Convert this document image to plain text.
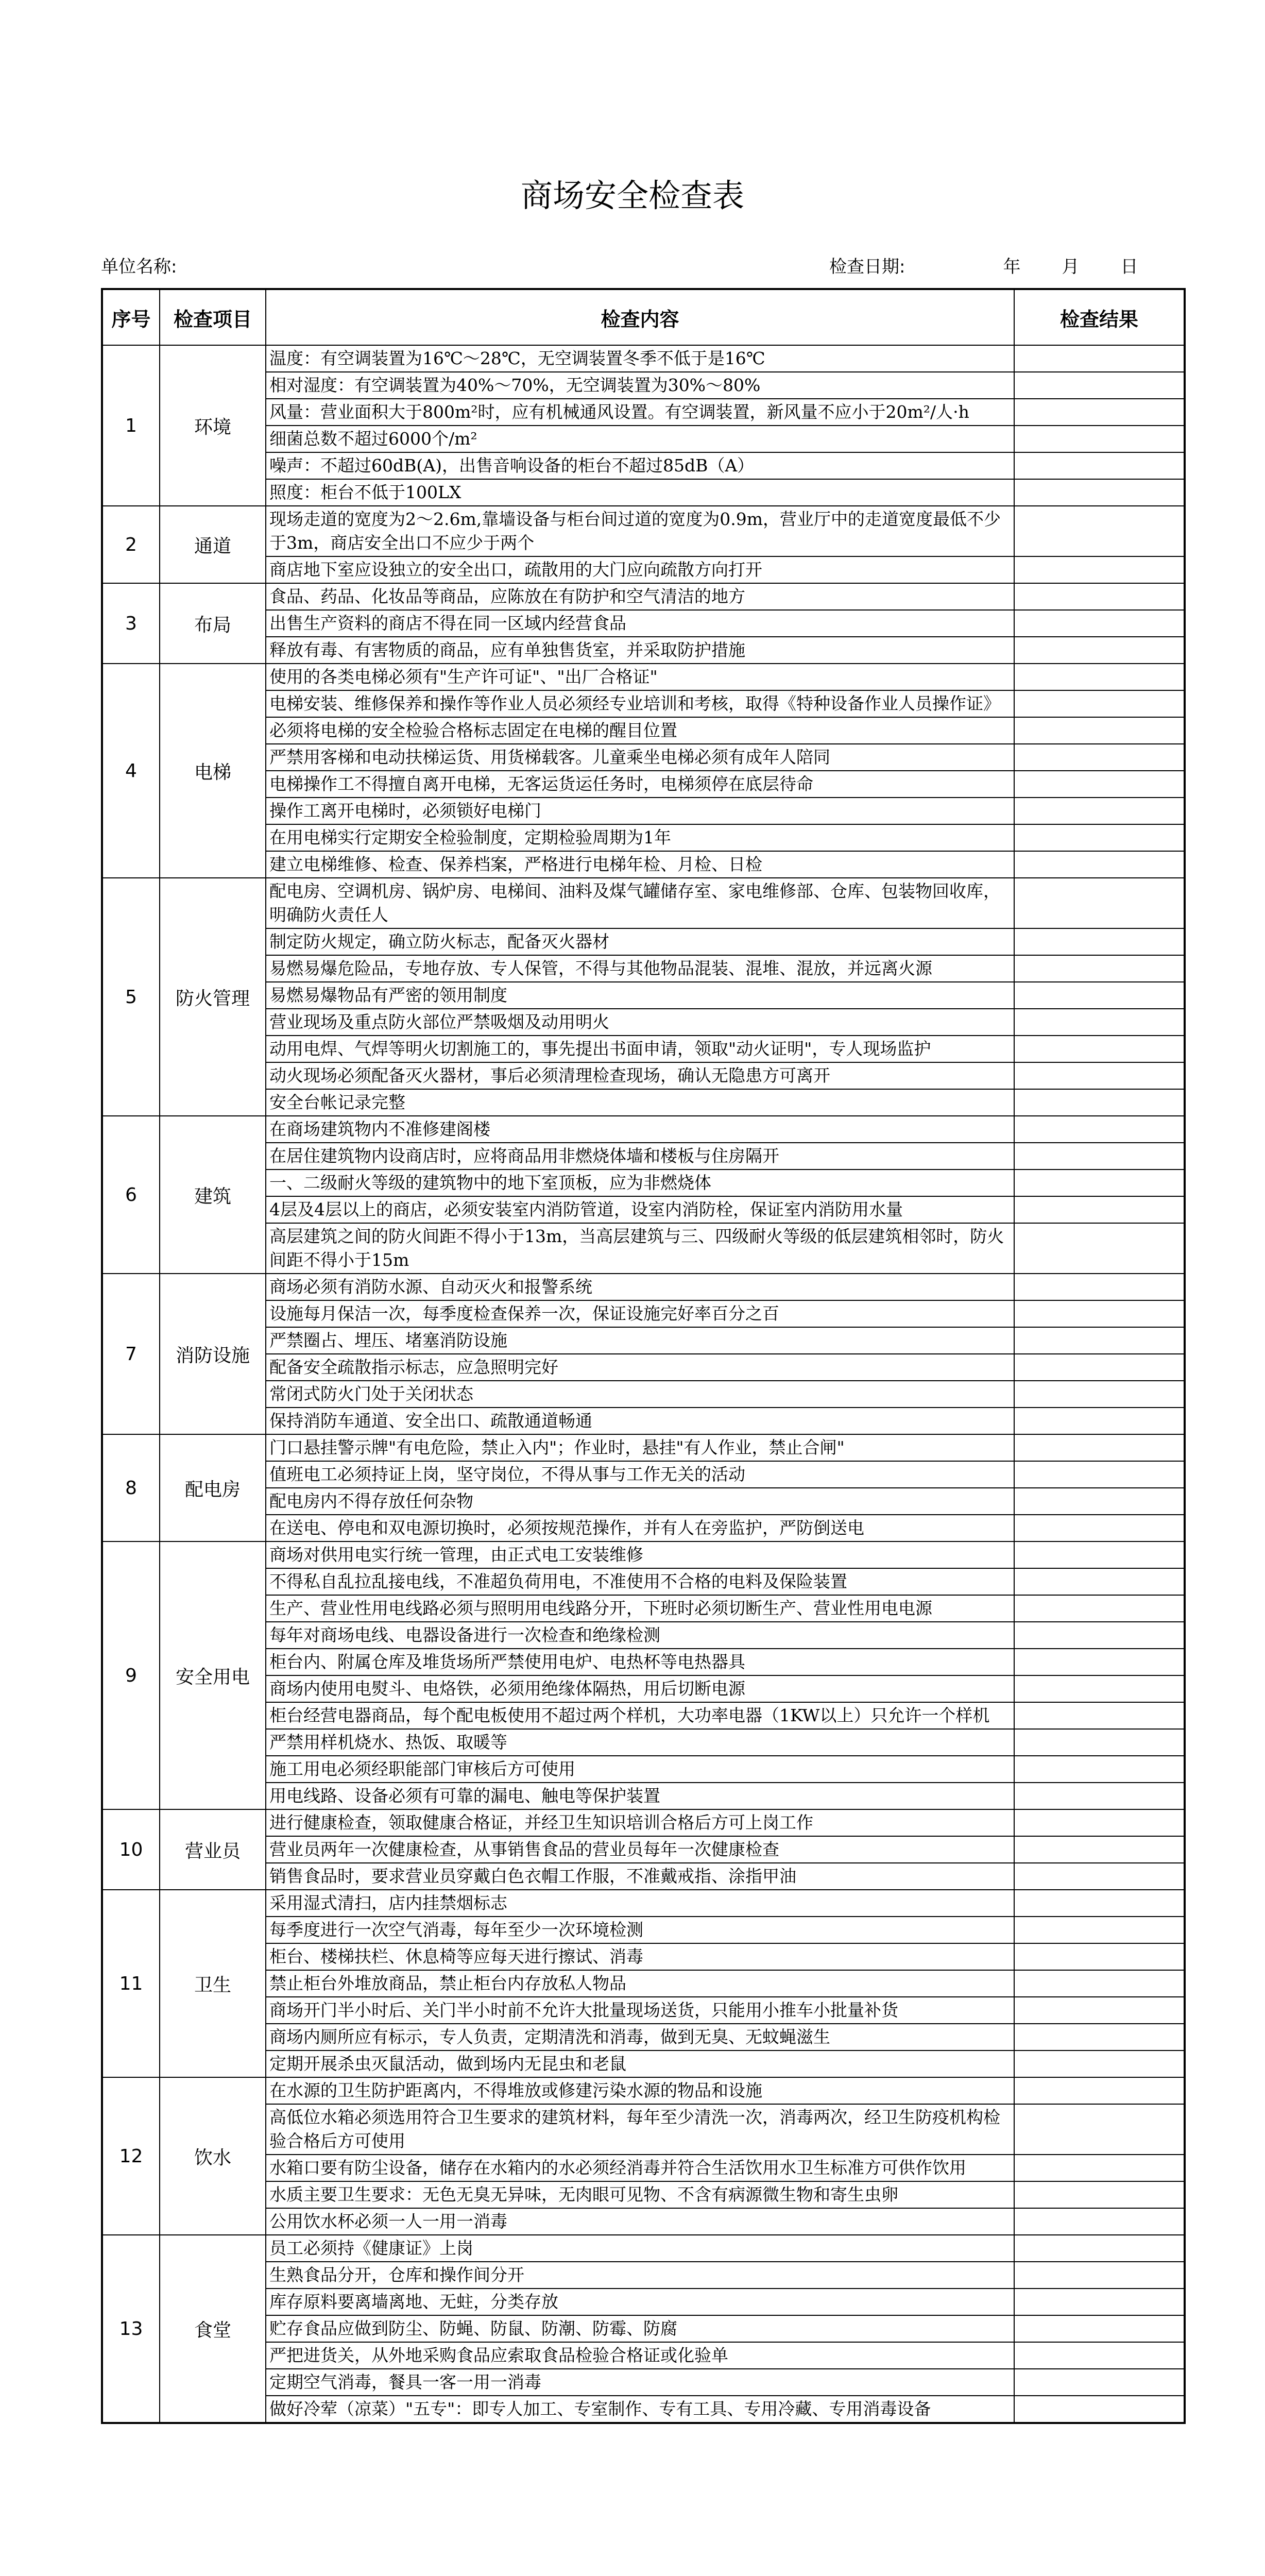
商场安全检查表
单位名称:	检查日期:	年 月 日
序号	检查项目	检查内容	检查结果
1	环境	温度：有空调装置为16℃～28℃，无空调装置冬季不低于是16℃	
		相对湿度：有空调装置为40%～70%，无空调装置为30%～80%	
		风量：营业面积大于800m²时，应有机械通风设置。有空调装置，新风量不应小于20m²/人·h	
		细菌总数不超过6000个/m²	
		噪声：不超过60dB(A)，出售音响设备的柜台不超过85dB（A）	
		照度：柜台不低于100LX	
2	通道	现场走道的宽度为2～2.6m,靠墙设备与柜台间过道的宽度为0.9m，营业厅中的走道宽度最低不少于3m，商店安全出口不应少于两个	
		商店地下室应设独立的安全出口，疏散用的大门应向疏散方向打开	
3	布局	食品、药品、化妆品等商品，应陈放在有防护和空气清洁的地方	
		出售生产资料的商店不得在同一区域内经营食品	
		释放有毒、有害物质的商品，应有单独售货室，并采取防护措施	
4	电梯	使用的各类电梯必须有"生产许可证"、"出厂合格证"	
		电梯安装、维修保养和操作等作业人员必须经专业培训和考核，取得《特种设备作业人员操作证》	
		必须将电梯的安全检验合格标志固定在电梯的醒目位置	
		严禁用客梯和电动扶梯运货、用货梯载客。儿童乘坐电梯必须有成年人陪同	
		电梯操作工不得擅自离开电梯，无客运货运任务时，电梯须停在底层待命	
		操作工离开电梯时，必须锁好电梯门	
		在用电梯实行定期安全检验制度，定期检验周期为1年	
		建立电梯维修、检查、保养档案，严格进行电梯年检、月检、日检	
5	防火管理	配电房、空调机房、锅炉房、电梯间、油料及煤气罐储存室、家电维修部、仓库、包装物回收库，明确防火责任人	
		制定防火规定，确立防火标志，配备灭火器材	
		易燃易爆危险品，专地存放、专人保管，不得与其他物品混装、混堆、混放，并远离火源	
		易燃易爆物品有严密的领用制度	
		营业现场及重点防火部位严禁吸烟及动用明火	
		动用电焊、气焊等明火切割施工的，事先提出书面申请，领取"动火证明"，专人现场监护	
		动火现场必须配备灭火器材，事后必须清理检查现场，确认无隐患方可离开	
		安全台帐记录完整	
6	建筑	在商场建筑物内不准修建阁楼	
		在居住建筑物内设商店时，应将商品用非燃烧体墙和楼板与住房隔开	
		一、二级耐火等级的建筑物中的地下室顶板，应为非燃烧体	
		4层及4层以上的商店，必须安装室内消防管道，设室内消防栓，保证室内消防用水量	
		高层建筑之间的防火间距不得小于13m，当高层建筑与三、四级耐火等级的低层建筑相邻时，防火间距不得小于15m	
7	消防设施	商场必须有消防水源、自动灭火和报警系统	
		设施每月保洁一次，每季度检查保养一次，保证设施完好率百分之百	
		严禁圈占、埋压、堵塞消防设施	
		配备安全疏散指示标志，应急照明完好	
		常闭式防火门处于关闭状态	
		保持消防车通道、安全出口、疏散通道畅通	
8	配电房	门口悬挂警示牌"有电危险，禁止入内"；作业时，悬挂"有人作业，禁止合闸"	
		值班电工必须持证上岗，坚守岗位，不得从事与工作无关的活动	
		配电房内不得存放任何杂物	
		在送电、停电和双电源切换时，必须按规范操作，并有人在旁监护，严防倒送电	
9	安全用电	商场对供用电实行统一管理，由正式电工安装维修	
		不得私自乱拉乱接电线，不准超负荷用电，不准使用不合格的电料及保险装置	
		生产、营业性用电线路必须与照明用电线路分开，下班时必须切断生产、营业性用电电源	
		每年对商场电线、电器设备进行一次检查和绝缘检测	
		柜台内、附属仓库及堆货场所严禁使用电炉、电热杯等电热器具	
		商场内使用电熨斗、电烙铁，必须用绝缘体隔热，用后切断电源	
		柜台经营电器商品，每个配电板使用不超过两个样机，大功率电器（1KW以上）只允许一个样机	
		严禁用样机烧水、热饭、取暖等	
		施工用电必须经职能部门审核后方可使用	
		用电线路、设备必须有可靠的漏电、触电等保护装置	
10	营业员	进行健康检查，领取健康合格证，并经卫生知识培训合格后方可上岗工作	
		营业员两年一次健康检查，从事销售食品的营业员每年一次健康检查	
		销售食品时，要求营业员穿戴白色衣帽工作服，不准戴戒指、涂指甲油	
11	卫生	采用湿式清扫，店内挂禁烟标志	
		每季度进行一次空气消毒，每年至少一次环境检测	
		柜台、楼梯扶栏、休息椅等应每天进行擦试、消毒	
		禁止柜台外堆放商品，禁止柜台内存放私人物品	
		商场开门半小时后、关门半小时前不允许大批量现场送货，只能用小推车小批量补货	
		商场内厕所应有标示，专人负责，定期清洗和消毒，做到无臭、无蚊蝇滋生	
		定期开展杀虫灭鼠活动，做到场内无昆虫和老鼠	
12	饮水	在水源的卫生防护距离内，不得堆放或修建污染水源的物品和设施	
		高低位水箱必须选用符合卫生要求的建筑材料，每年至少清洗一次，消毒两次，经卫生防疫机构检验合格后方可使用	
		水箱口要有防尘设备，储存在水箱内的水必须经消毒并符合生活饮用水卫生标准方可供作饮用	
		水质主要卫生要求：无色无臭无异味，无肉眼可见物、不含有病源微生物和寄生虫卵	
		公用饮水杯必须一人一用一消毒	
13	食堂	员工必须持《健康证》上岗	
		生熟食品分开，仓库和操作间分开	
		库存原料要离墙离地、无蛀，分类存放	
		贮存食品应做到防尘、防蝇、防鼠、防潮、防霉、防腐	
		严把进货关，从外地采购食品应索取食品检验合格证或化验单	
		定期空气消毒，餐具一客一用一消毒	
		做好冷荤（凉菜）"五专"：即专人加工、专室制作、专有工具、专用冷藏、专用消毒设备	
